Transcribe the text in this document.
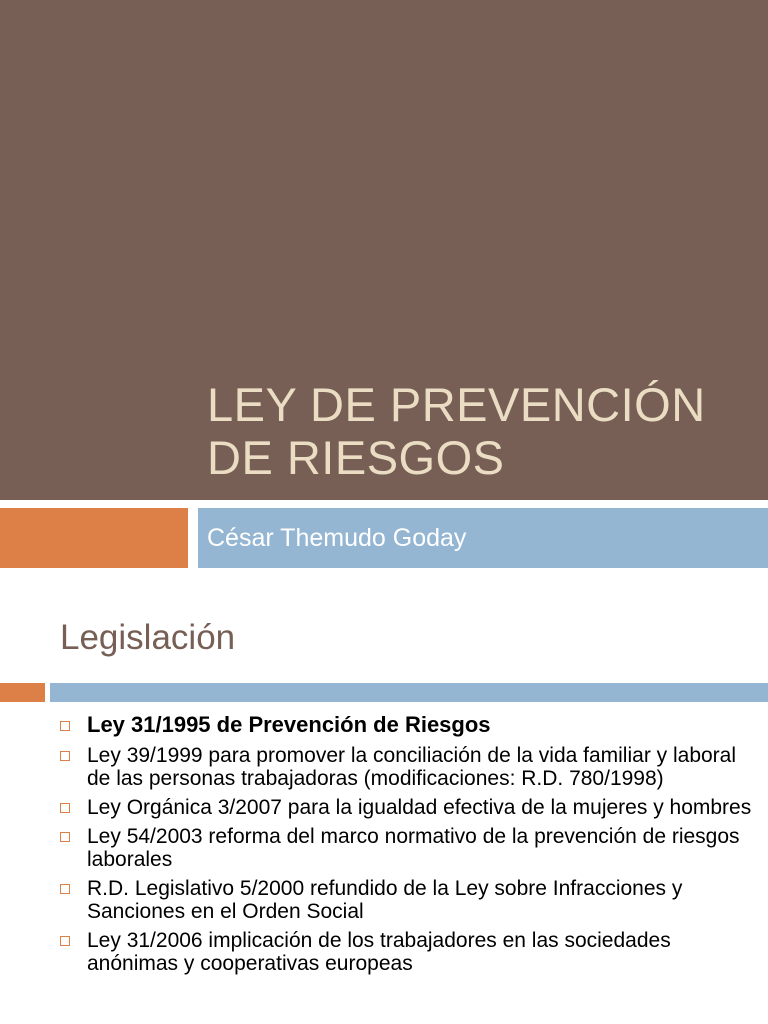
LEY DE PREVENCIÓN
DE RIESGOS
César Themudo Goday
Legislación
Ley 31/1995 de Prevención de Riesgos
Ley 39/1999 para promover la conciliación de la vida familiar y laboral de las personas trabajadoras (modificaciones: R.D. 780/1998)
Ley Orgánica 3/2007 para la igualdad efectiva de la mujeres y hombres
Ley 54/2003 reforma del marco normativo de la prevención de riesgos laborales
R.D. Legislativo 5/2000 refundido de la Ley sobre Infracciones y Sanciones en el Orden Social
Ley 31/2006 implicación de los trabajadores en las sociedades anónimas y cooperativas europeas
